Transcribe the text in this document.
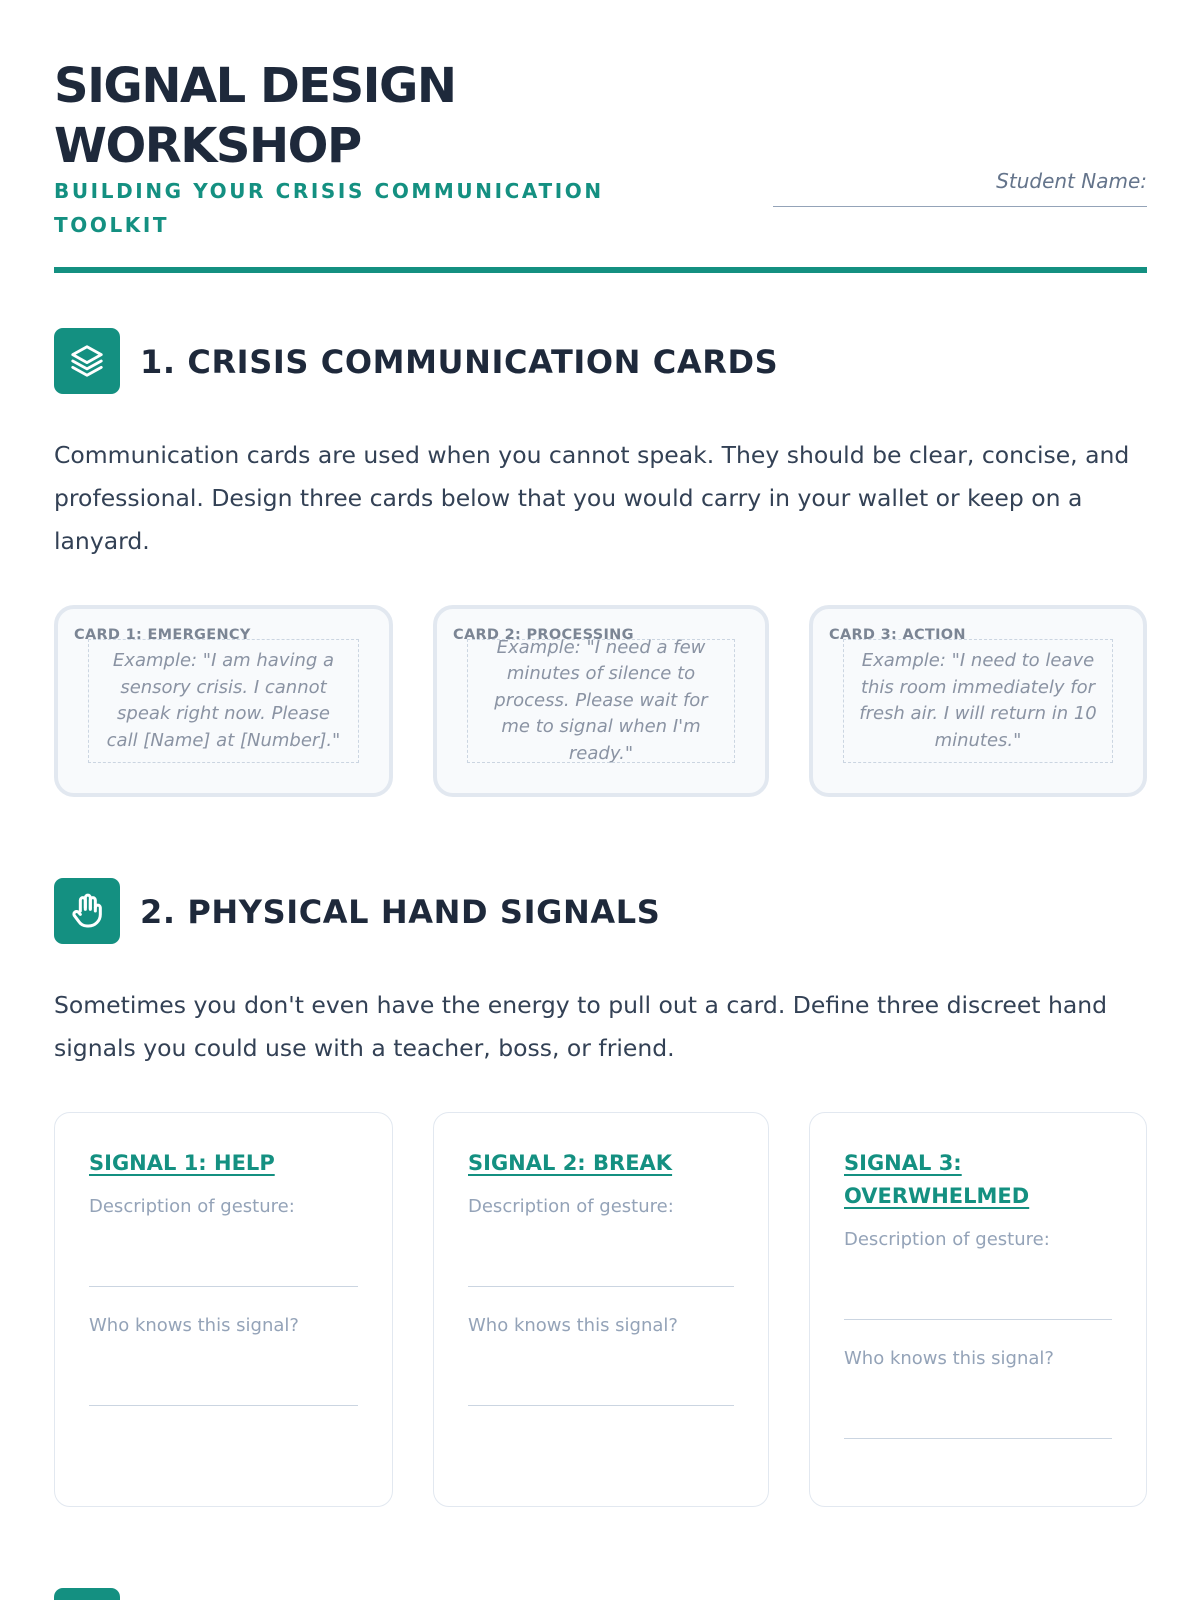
SIGNAL DESIGN WORKSHOP
BUILDING YOUR CRISIS COMMUNICATION TOOLKIT
Student Name:
1. CRISIS COMMUNICATION CARDS

Communication cards are used when you cannot speak. They should be clear, concise, and professional. Design three cards below that you would carry in your wallet or keep on a lanyard.

CARD 1: EMERGENCY
Example: "I am having a sensory crisis. I cannot speak right now. Please call [Name] at [Number]."
CARD 2: PROCESSING
Example: "I need a few minutes of silence to process. Please wait for me to signal when I'm ready."
CARD 3: ACTION
Example: "I need to leave this room immediately for fresh air. I will return in 10 minutes."
2. PHYSICAL HAND SIGNALS

Sometimes you don't even have the energy to pull out a card. Define three discreet hand signals you could use with a teacher, boss, or friend.

SIGNAL 1: HELP
Description of gesture:
Who knows this signal?
SIGNAL 2: BREAK
Description of gesture:
Who knows this signal?
SIGNAL 3: OVERWHELMED
Description of gesture:
Who knows this signal?
